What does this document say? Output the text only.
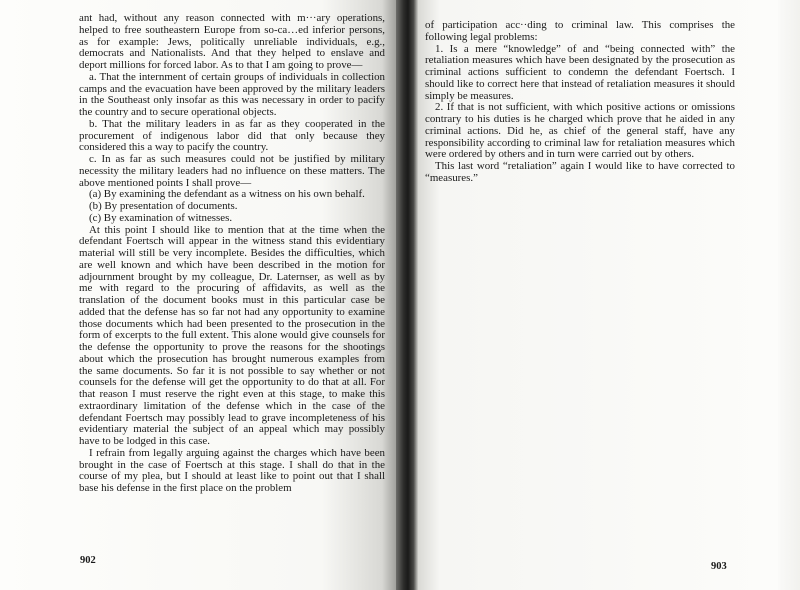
ant had, without any reason connected with m···ary operations, helped to free southeastern Europe from so-ca…ed inferior persons, as for example: Jews, politically unreliable individuals, e.g., democrats and Nationalists. And that they helped to enslave and deport millions for forced labor. As to that I am going to prove—

a. That the internment of certain groups of individuals in collection camps and the evacuation have been approved by the military leaders in the Southeast only insofar as this was necessary in order to pacify the country and to secure operational objects.

b. That the military leaders in as far as they cooperated in the procurement of indigenous labor did that only because they considered this a way to pacify the country.

c. In as far as such measures could not be justified by military necessity the military leaders had no influence on these matters. The above mentioned points I shall prove—

(a) By examining the defendant as a witness on his own behalf.

(b) By presentation of documents.

(c) By examination of witnesses.

At this point I should like to mention that at the time when the defendant Foertsch will appear in the witness stand this evidentiary material will still be very incomplete. Besides the difficulties, which are well known and which have been described in the motion for adjournment brought by my colleague, Dr. Laternser, as well as by me with regard to the procuring of affidavits, as well as the translation of the document books must in this particular case be added that the defense has so far not had any opportunity to examine those documents which had been presented to the prosecution in the form of excerpts to the full extent. This alone would give counsels for the defense the opportunity to prove the reasons for the shootings about which the prosecution has brought numerous examples from the same documents. So far it is not possible to say whether or not counsels for the defense will get the opportunity to do that at all. For that reason I must reserve the right even at this stage, to make this extraordinary limitation of the defense which in the case of the defendant Foertsch may possibly lead to grave incompleteness of his evidentiary material the subject of an appeal which may possibly have to be lodged in this case.

I refrain from legally arguing against the charges which have been brought in the case of Foertsch at this stage. I shall do that in the course of my plea, but I should at least like to point out that I shall base his defense in the first place on the problem

of participation acc··ding to criminal law. This comprises the following legal problems:

1. Is a mere “knowledge” of and “being connected with” the retaliation measures which have been designated by the prosecution as criminal actions sufficient to condemn the defendant Foertsch. I should like to correct here that instead of retaliation measures it should simply be measures.

2. If that is not sufficient, with which positive actions or omissions contrary to his duties is he charged which prove that he aided in any criminal actions. Did he, as chief of the general staff, have any responsibility according to criminal law for retaliation measures which were ordered by others and in turn were carried out by others.

This last word “retaliation” again I would like to have corrected to “measures.”

902
903
